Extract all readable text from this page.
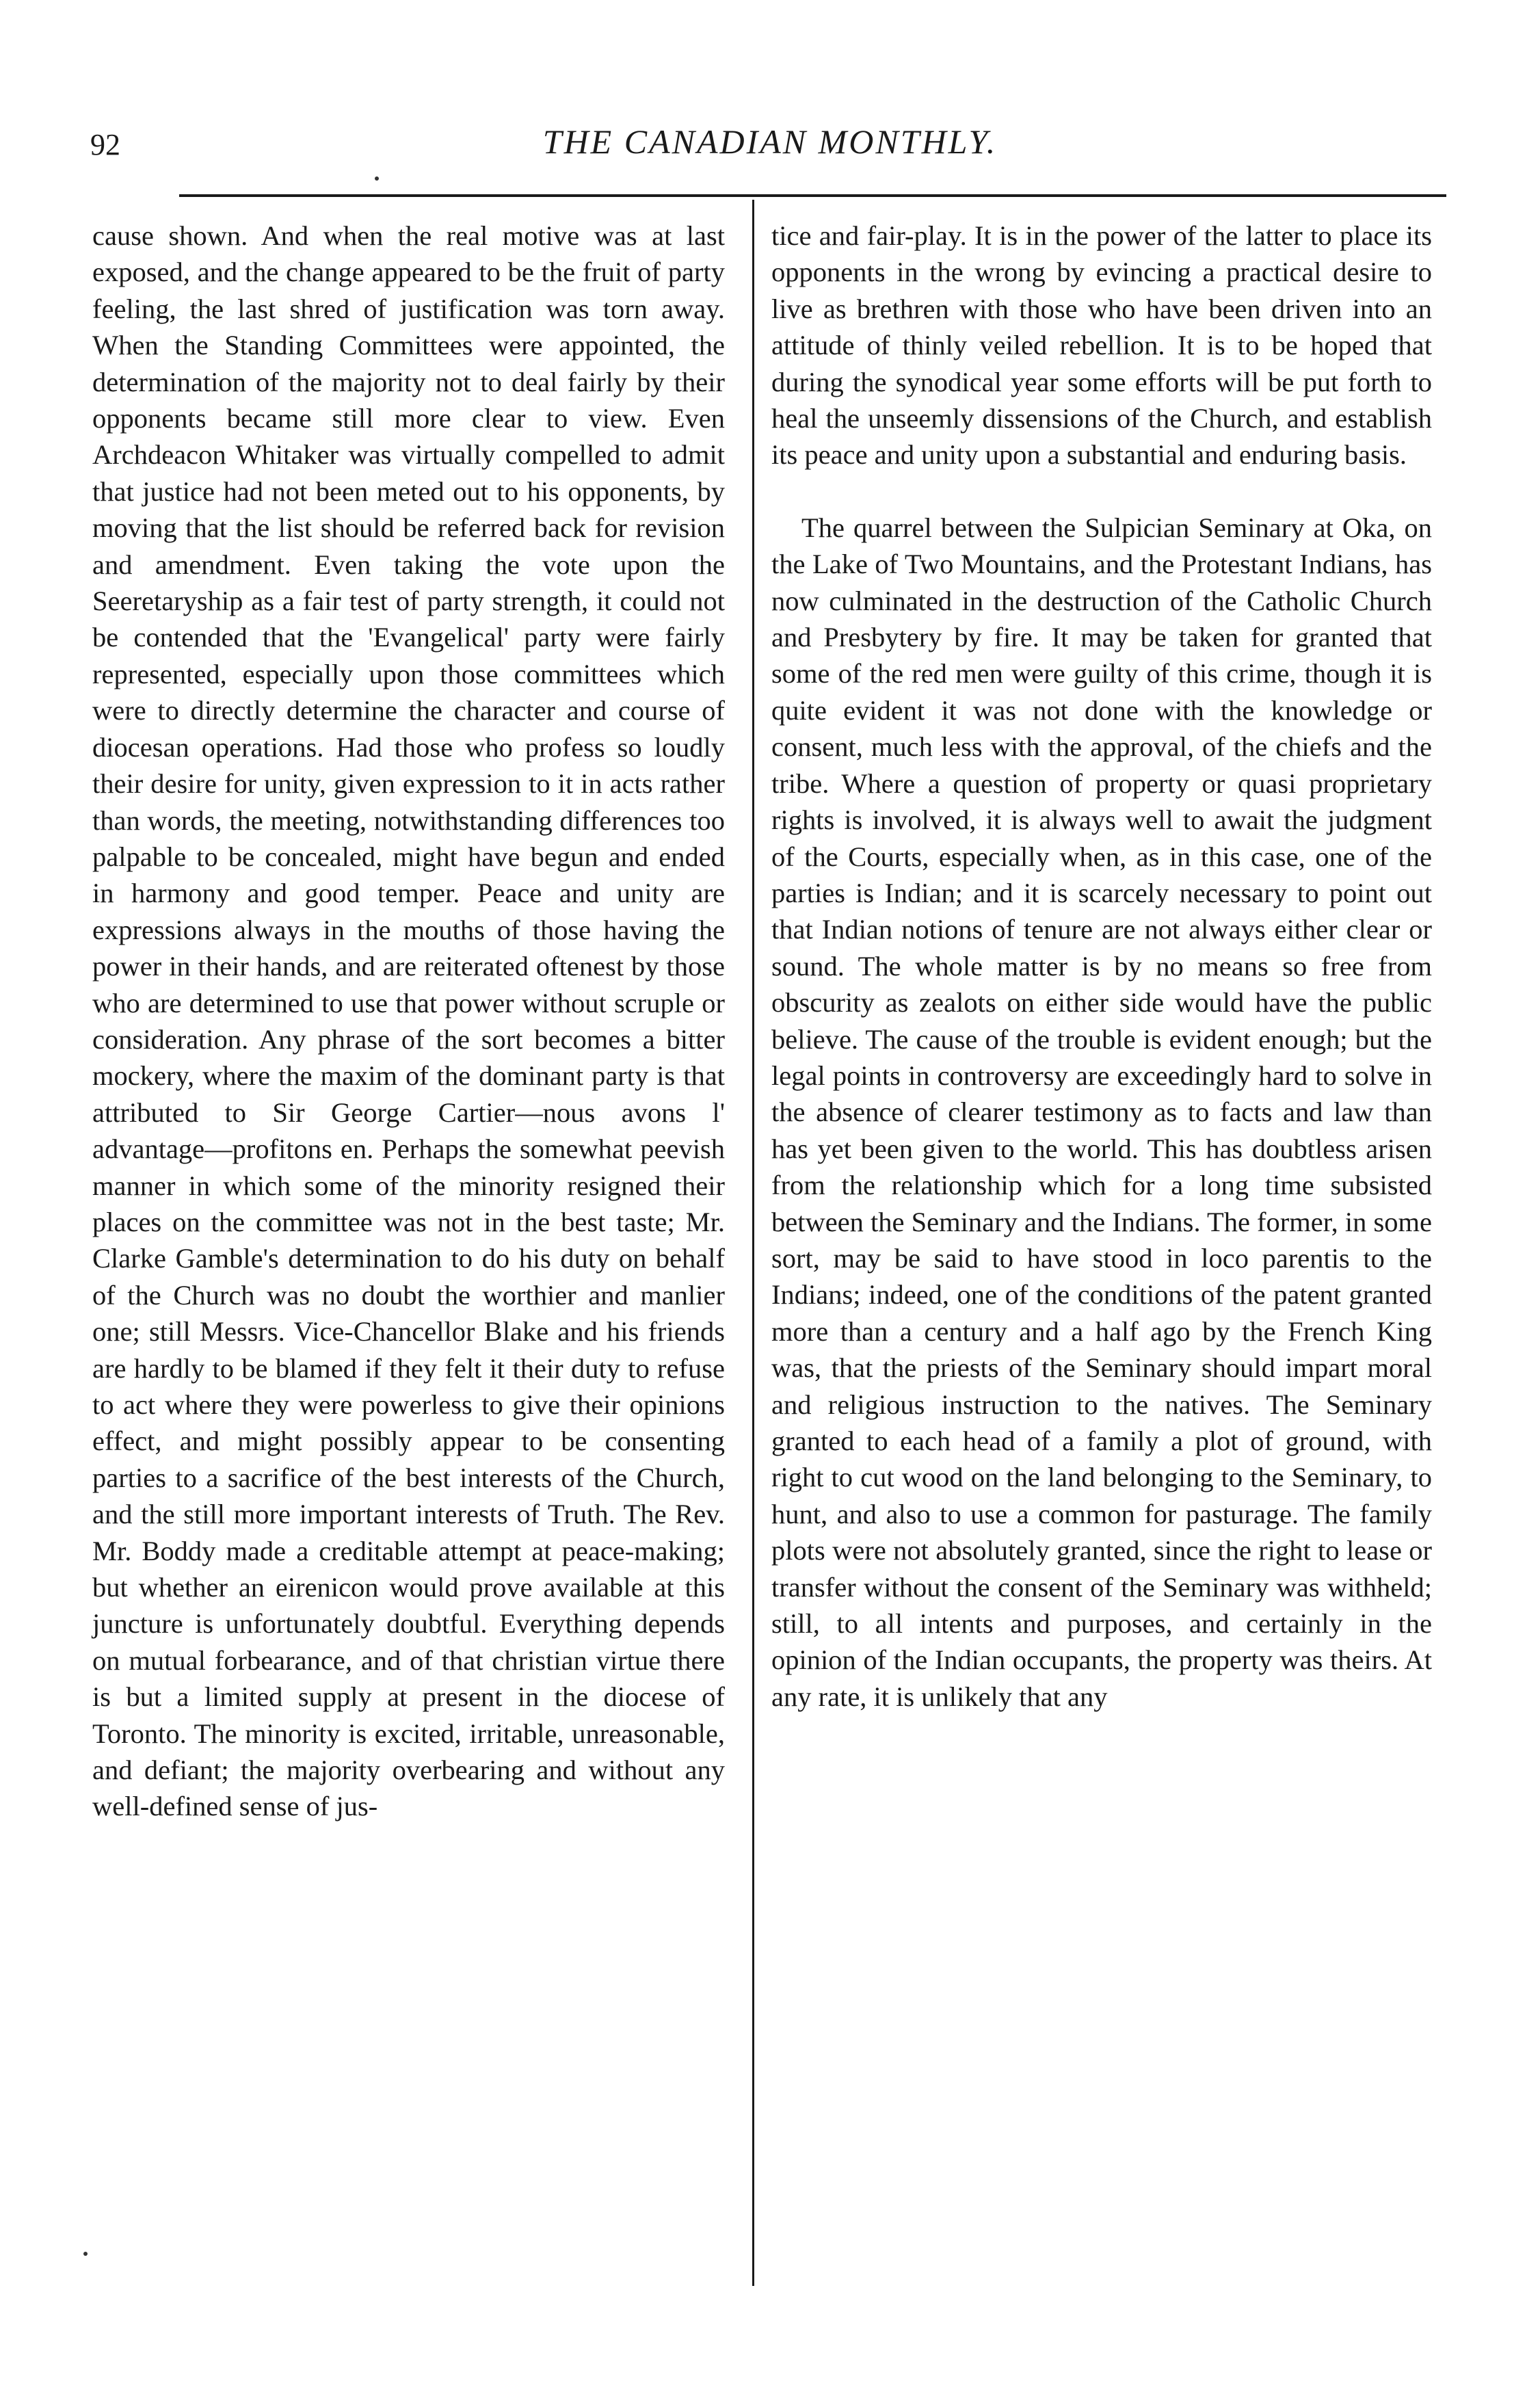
92	THE CANADIAN MONTHLY.

cause shown. And when the real motive was at last exposed, and the change appeared to be the fruit of party feeling, the last shred of justification was torn away. When the Standing Committees were appointed, the determination of the majority not to deal fairly by their opponents became still more clear to view. Even Archdeacon Whitaker was virtually compelled to admit that justice had not been meted out to his opponents, by moving that the list should be referred back for revision and amendment. Even taking the vote upon the Seeretaryship as a fair test of party strength, it could not be contended that the 'Evangelical' party were fairly represented, especially upon those committees which were to directly determine the character and course of diocesan operations. Had those who profess so loudly their desire for unity, given expression to it in acts rather than words, the meeting, notwithstanding differences too palpable to be concealed, might have begun and ended in harmony and good temper. Peace and unity are expressions always in the mouths of those having the power in their hands, and are reiterated oftenest by those who are determined to use that power without scruple or consideration. Any phrase of the sort becomes a bitter mockery, where the maxim of the dominant party is that attributed to Sir George Cartier—nous avons l' advantage—profitons en. Perhaps the somewhat peevish manner in which some of the minority resigned their places on the committee was not in the best taste; Mr. Clarke Gamble's determination to do his duty on behalf of the Church was no doubt the worthier and manlier one; still Messrs. Vice-Chancellor Blake and his friends are hardly to be blamed if they felt it their duty to refuse to act where they were powerless to give their opinions effect, and might possibly appear to be consenting parties to a sacrifice of the best interests of the Church, and the still more important interests of Truth. The Rev. Mr. Boddy made a creditable attempt at peace-making; but whether an eirenicon would prove available at this juncture is unfortunately doubtful. Everything depends on mutual forbearance, and of that christian virtue there is but a limited supply at present in the diocese of Toronto. The minority is excited, irritable, unreasonable, and defiant; the majority overbearing and without any well-defined sense of jus-

tice and fair-play. It is in the power of the latter to place its opponents in the wrong by evincing a practical desire to live as brethren with those who have been driven into an attitude of thinly veiled rebellion. It is to be hoped that during the synodical year some efforts will be put forth to heal the unseemly dissensions of the Church, and establish its peace and unity upon a substantial and enduring basis.

The quarrel between the Sulpician Seminary at Oka, on the Lake of Two Mountains, and the Protestant Indians, has now culminated in the destruction of the Catholic Church and Presbytery by fire. It may be taken for granted that some of the red men were guilty of this crime, though it is quite evident it was not done with the knowledge or consent, much less with the approval, of the chiefs and the tribe. Where a question of property or quasi proprietary rights is involved, it is always well to await the judgment of the Courts, especially when, as in this case, one of the parties is Indian; and it is scarcely necessary to point out that Indian notions of tenure are not always either clear or sound. The whole matter is by no means so free from obscurity as zealots on either side would have the public believe. The cause of the trouble is evident enough; but the legal points in controversy are exceedingly hard to solve in the absence of clearer testimony as to facts and law than has yet been given to the world. This has doubtless arisen from the relationship which for a long time subsisted between the Seminary and the Indians. The former, in some sort, may be said to have stood in loco parentis to the Indians; indeed, one of the conditions of the patent granted more than a century and a half ago by the French King was, that the priests of the Seminary should impart moral and religious instruction to the natives. The Seminary granted to each head of a family a plot of ground, with right to cut wood on the land belonging to the Seminary, to hunt, and also to use a common for pasturage. The family plots were not absolutely granted, since the right to lease or transfer without the consent of the Seminary was withheld; still, to all intents and purposes, and certainly in the opinion of the Indian occupants, the property was theirs. At any rate, it is unlikely that any
